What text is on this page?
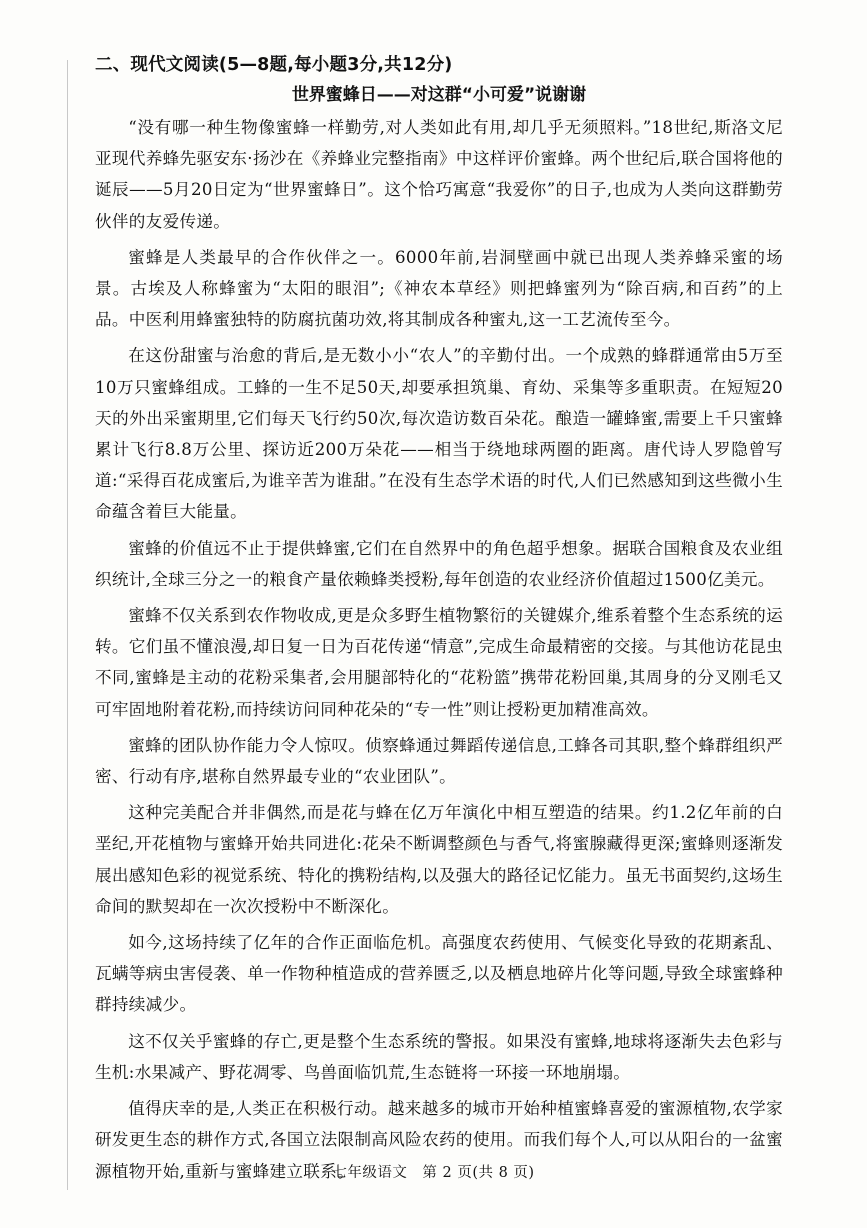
二、现代文阅读(5—8题,每小题3分,共12分)
世界蜜蜂日——对这群“小可爱”说谢谢

“没有哪一种生物像蜜蜂一样勤劳,对人类如此有用,却几乎无须照料。”18世纪,斯洛文尼亚现代养蜂先驱安东·扬沙在《养蜂业完整指南》中这样评价蜜蜂。两个世纪后,联合国将他的诞辰——5月20日定为“世界蜜蜂日”。这个恰巧寓意“我爱你”的日子,也成为人类向这群勤劳伙伴的友爱传递。

蜜蜂是人类最早的合作伙伴之一。6000年前,岩洞壁画中就已出现人类养蜂采蜜的场景。古埃及人称蜂蜜为“太阳的眼泪”;《神农本草经》则把蜂蜜列为“除百病,和百药”的上品。中医利用蜂蜜独特的防腐抗菌功效,将其制成各种蜜丸,这一工艺流传至今。

在这份甜蜜与治愈的背后,是无数小小“农人”的辛勤付出。一个成熟的蜂群通常由5万至10万只蜜蜂组成。工蜂的一生不足50天,却要承担筑巢、育幼、采集等多重职责。在短短20天的外出采蜜期里,它们每天飞行约50次,每次造访数百朵花。酿造一罐蜂蜜,需要上千只蜜蜂累计飞行8.8万公里、探访近200万朵花——相当于绕地球两圈的距离。唐代诗人罗隐曾写道:“采得百花成蜜后,为谁辛苦为谁甜。”在没有生态学术语的时代,人们已然感知到这些微小生命蕴含着巨大能量。

蜜蜂的价值远不止于提供蜂蜜,它们在自然界中的角色超乎想象。据联合国粮食及农业组织统计,全球三分之一的粮食产量依赖蜂类授粉,每年创造的农业经济价值超过1500亿美元。

蜜蜂不仅关系到农作物收成,更是众多野生植物繁衍的关键媒介,维系着整个生态系统的运转。它们虽不懂浪漫,却日复一日为百花传递“情意”,完成生命最精密的交接。与其他访花昆虫不同,蜜蜂是主动的花粉采集者,会用腿部特化的“花粉篮”携带花粉回巢,其周身的分叉刚毛又可牢固地附着花粉,而持续访问同种花朵的“专一性”则让授粉更加精准高效。

蜜蜂的团队协作能力令人惊叹。侦察蜂通过舞蹈传递信息,工蜂各司其职,整个蜂群组织严密、行动有序,堪称自然界最专业的“农业团队”。

这种完美配合并非偶然,而是花与蜂在亿万年演化中相互塑造的结果。约1.2亿年前的白垩纪,开花植物与蜜蜂开始共同进化:花朵不断调整颜色与香气,将蜜腺藏得更深;蜜蜂则逐渐发展出感知色彩的视觉系统、特化的携粉结构,以及强大的路径记忆能力。虽无书面契约,这场生命间的默契却在一次次授粉中不断深化。

如今,这场持续了亿年的合作正面临危机。高强度农药使用、气候变化导致的花期紊乱、瓦螨等病虫害侵袭、单一作物种植造成的营养匮乏,以及栖息地碎片化等问题,导致全球蜜蜂种群持续减少。

这不仅关乎蜜蜂的存亡,更是整个生态系统的警报。如果没有蜜蜂,地球将逐渐失去色彩与生机:水果减产、野花凋零、鸟兽面临饥荒,生态链将一环接一环地崩塌。

值得庆幸的是,人类正在积极行动。越来越多的城市开始种植蜜蜂喜爱的蜜源植物,农学家研发更生态的耕作方式,各国立法限制高风险农药的使用。而我们每个人,可以从阳台的一盆蜜源植物开始,重新与蜜蜂建立联系。

七年级语文　第 2 页(共 8 页)
